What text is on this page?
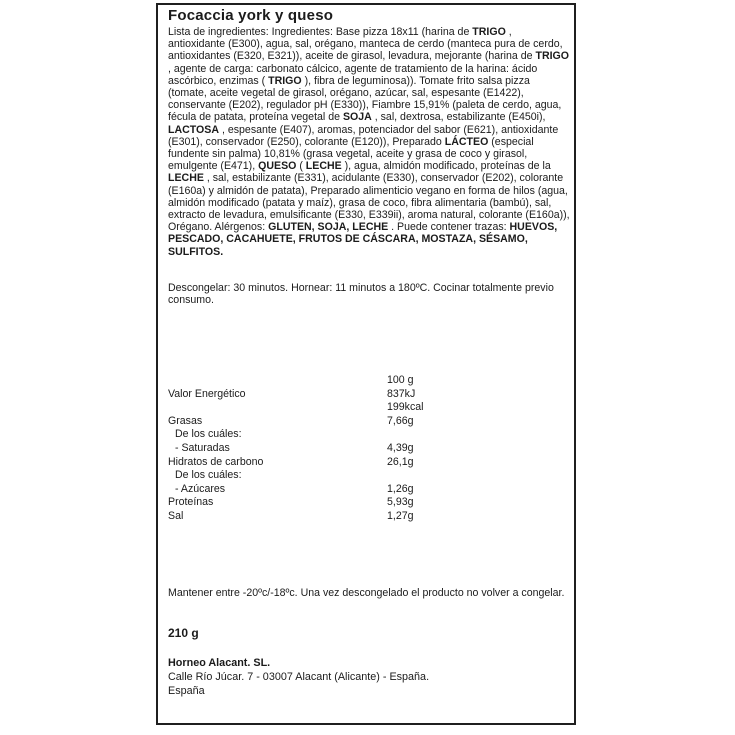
Focaccia york y queso
Lista de ingredientes: Ingredientes: Base pizza 18x11 (harina de TRIGO , antioxidante (E300), agua, sal, orégano, manteca de cerdo (manteca pura de cerdo, antioxidantes (E320, E321)), aceite de girasol, levadura, mejorante (harina de TRIGO , agente de carga: carbonato cálcico, agente de tratamiento de la harina: ácido ascórbico, enzimas ( TRIGO ), fibra de leguminosa)). Tomate frito salsa pizza (tomate, aceite vegetal de girasol, orégano, azúcar, sal, espesante (E1422), conservante (E202), regulador pH (E330)), Fiambre 15,91% (paleta de cerdo, agua, fécula de patata, proteína vegetal de SOJA , sal, dextrosa, estabilizante (E450i), LACTOSA , espesante (E407), aromas, potenciador del sabor (E621), antioxidante (E301), conservador (E250), colorante (E120)), Preparado LÁCTEO (especial fundente sin palma) 10,81% (grasa vegetal, aceite y grasa de coco y girasol, emulgente (E471), QUESO ( LECHE ), agua, almidón modificado, proteínas de la LECHE , sal, estabilizante (E331), acidulante (E330), conservador (E202), colorante (E160a) y almidón de patata), Preparado alimenticio vegano en forma de hilos (agua, almidón modificado (patata y maíz), grasa de coco, fibra alimentaria (bambú), sal, extracto de levadura, emulsificante (E330, E339ii), aroma natural, colorante (E160a)), Orégano. Alérgenos: GLUTEN, SOJA, LECHE . Puede contener trazas: HUEVOS, PESCADO, CACAHUETE, FRUTOS DE CÁSCARA, MOSTAZA, SÉSAMO, SULFITOS.
Descongelar: 30 minutos. Hornear: 11 minutos a 180ºC. Cocinar totalmente previo consumo.
100 g
Valor Energético	837kJ
199kcal
Grasas	7,66g
De los cuáles:
- Saturadas	4,39g
Hidratos de carbono	26,1g
De los cuáles:
- Azúcares	1,26g
Proteínas	5,93g
Sal	1,27g
Mantener entre -20ºc/-18ºc. Una vez descongelado el producto no volver a congelar.
210 g
Horneo Alacant. SL.
Calle Río Júcar. 7 - 03007 Alacant (Alicante) - España.
España
